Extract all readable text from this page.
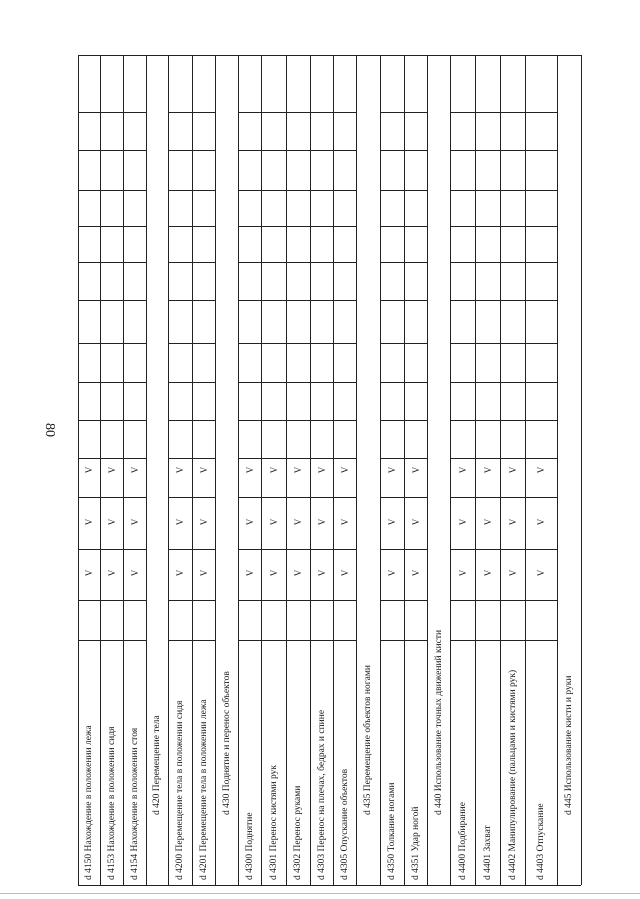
80
d 4150 Нахождение в положении лежа
V
V
V
d 4153 Нахождение в положении сидя
V
V
V
d 4154 Нахождение в положении стоя
V
V
V
d 420 Перемещение тела d 4200 Перемещение тела в положении сидя
V
V
V
d 4201 Перемещение тела в положении лежа
V
V
V
d 430 Поднятие и перенос объектов
d 4300 Поднятие
V
V
V
d 4301 Перенос кистями рук
V
V
V
d 4302 Перенос руками
V
V
V
d 4303 Перенос на плечах, бедрах и спине
V
V
V
d 4305 Опускание объектов
V
V
V
d 435 Перемещение объектов ногами
d 4350 Толкание ногами
V
V
V
d 4351 Удар ногой
V
V
V
d 440 Использование точных движений кисти
d 4400 Подбирание
V
V
V
d 4401 Захват
V
V
V
d 4402 Манипулирование (пальцами и кистями рук)
V
V
V
d 4403 Отпускание
V
V
V
d 445 Использование кисти и руки
